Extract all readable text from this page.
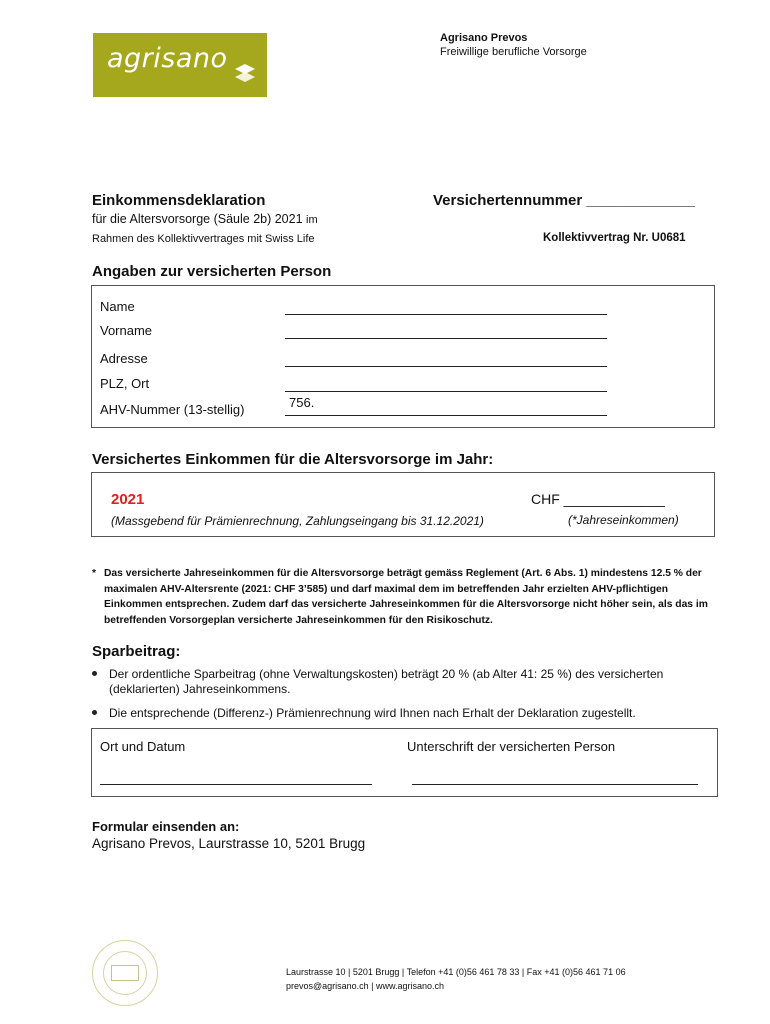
agrisano
Agrisano Prevos
Freiwillige berufliche Vorsorge
Einkommensdeklaration
für die Altersvorsorge (Säule 2b) 2021 im
Rahmen des Kollektivvertrages mit Swiss Life
Versichertennummer _____________
Kollektivvertrag Nr. U0681
Angaben zur versicherten Person
Name
Vorname
Adresse
PLZ, Ort
AHV-Nummer (13-stellig)	756.
Versichertes Einkommen für die Altersvorsorge im Jahr:
2021	CHF _____________
(Massgebend für Prämienrechnung, Zahlungseingang bis 31.12.2021)	(*Jahreseinkommen)
* Das versicherte Jahreseinkommen für die Altersvorsorge beträgt gemäss Reglement (Art. 6 Abs. 1) mindestens 12.5 % der maximalen AHV-Altersrente (2021: CHF 3’585) und darf maximal dem im betreffenden Jahr erzielten AHV-pflichtigen Einkommen entsprechen. Zudem darf das versicherte Jahreseinkommen für die Altersvorsorge nicht höher sein, als das im betreffenden Vorsorgeplan versicherte Jahreseinkommen für den Risikoschutz.
Sparbeitrag:
Der ordentliche Sparbeitrag (ohne Verwaltungskosten) beträgt 20 % (ab Alter 41: 25 %) des versicherten (deklarierten) Jahreseinkommens.
Die entsprechende (Differenz-) Prämienrechnung wird Ihnen nach Erhalt der Deklaration zugestellt.
Ort und Datum	Unterschrift der versicherten Person
Formular einsenden an:
Agrisano Prevos, Laurstrasse 10, 5201 Brugg
Laurstrasse 10 | 5201 Brugg | Telefon +41 (0)56 461 78 33 | Fax +41 (0)56 461 71 06
prevos@agrisano.ch | www.agrisano.ch
